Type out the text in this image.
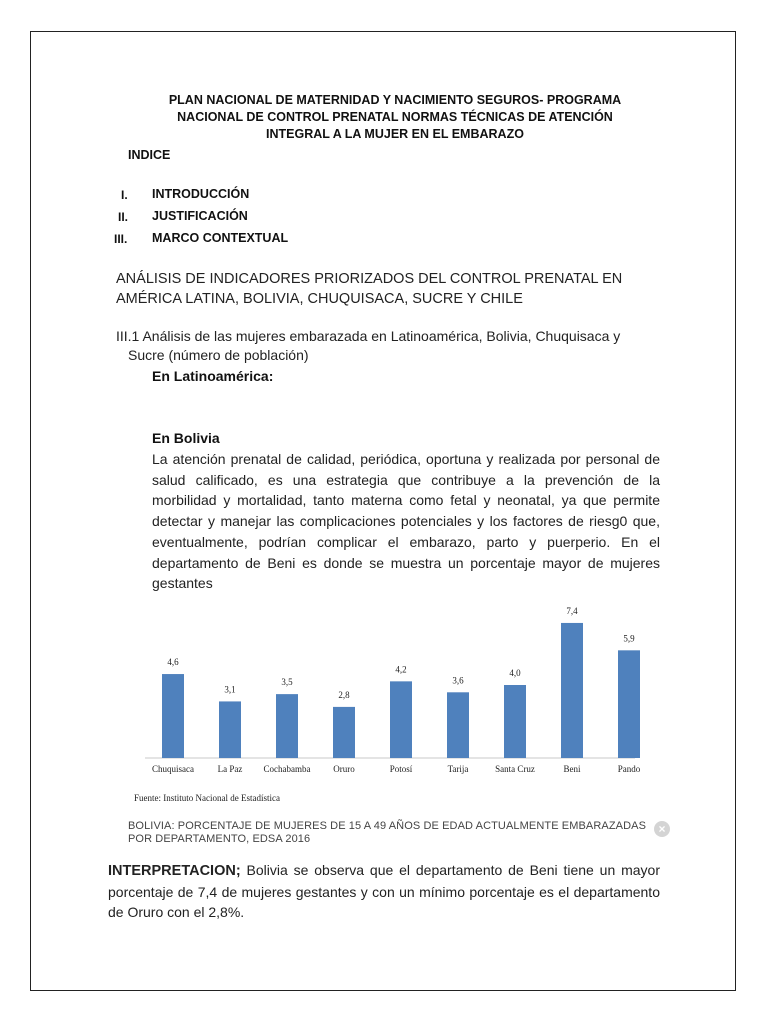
PLAN NACIONAL DE MATERNIDAD Y NACIMIENTO SEGUROS- PROGRAMA
NACIONAL DE CONTROL PRENATAL NORMAS TÉCNICAS DE ATENCIÓN
INTEGRAL A LA MUJER EN EL EMBARAZO
INDICE
I. INTRODUCCIÓN
II. JUSTIFICACIÓN
III. MARCO CONTEXTUAL
ANÁLISIS DE INDICADORES PRIORIZADOS DEL CONTROL PRENATAL EN AMÉRICA LATINA, BOLIVIA, CHUQUISACA, SUCRE Y CHILE
III.1 Análisis de las mujeres embarazada en Latinoamérica, Bolivia, Chuquisaca y
Sucre (número de población)
En Latinoamérica:
En Bolivia
La atención prenatal de calidad, periódica, oportuna y realizada por personal de salud calificado, es una estrategia que contribuye a la prevención de la morbilidad y mortalidad, tanto materna como fetal y neonatal, ya que permite detectar y manejar las complicaciones potenciales y los factores de riesg0 que, eventualmente, podrían complicar el embarazo, parto y puerperio. En el departamento de Beni es donde se muestra un porcentaje mayor de mujeres gestantes
4,6
Chuquisaca
3,1
La Paz
3,5
Cochabamba
2,8
Oruro
4,2
Potosí
3,6
Tarija
4,0
Santa Cruz
7,4
Beni
5,9
Pando
Fuente: Instituto Nacional de Estadística
BOLIVIA: PORCENTAJE DE MUJERES DE 15 A 49 AÑOS DE EDAD ACTUALMENTE EMBARAZADAS POR DEPARTAMENTO, EDSA 2016
×
INTERPRETACION; Bolivia se observa que el departamento de Beni tiene un mayor porcentaje de 7,4 de mujeres gestantes y con un mínimo porcentaje es el departamento de Oruro con el 2,8%.
